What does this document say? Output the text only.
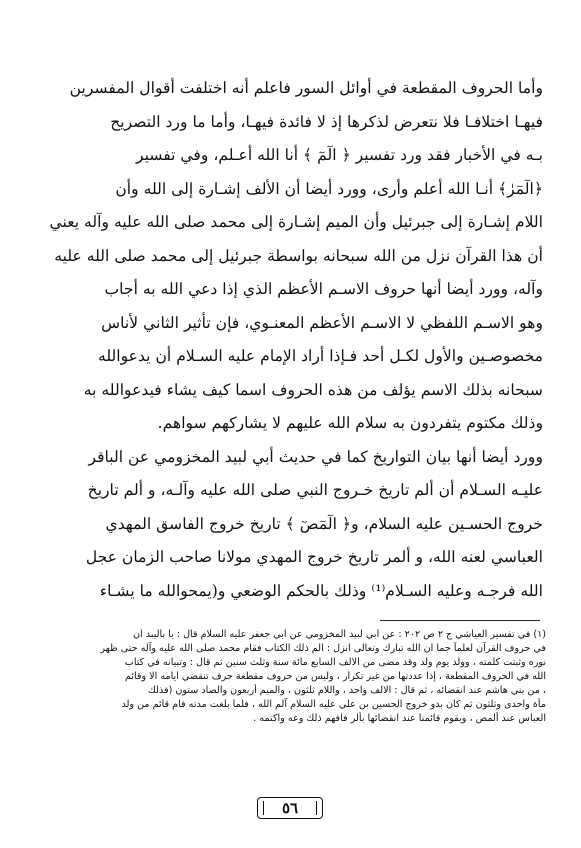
وأما الحروف المقطعة في أوائل السور فاعلم أنه اختلفت أقوال المفسرين
فيهـا اختلافـا فلا نتعرض لذكرها إذ لا فائدة فيهـا، وأما ما ورد التصريح
بـه في الأخبار فقد ورد تفسير ﴿ الٓمٓ ﴾ أنا الله أعـلم، وفي تفسير
﴿الٓمٓرٰ﴾ أنـا الله أعلم وأرى، وورد أيضا أن الألف إشـارة إلى الله وأن
اللام إشـارة إلى جبرئيل وأن الميم إشـارة إلى محمد صلى الله عليه وآله يعني
أن هذا القرآن نزل من الله سبحانه بواسطة جبرئيل إلى محمد صلى الله عليه
وآله، وورد أيضا أنها حروف الاسـم الأعظم الذي إذا دعي الله به أجاب
وهو الاسـم اللفظي لا الاسـم الأعظم المعنـوي، فإن تأثير الثاني لأناس
مخصوصـين والأول لكـل أحد فـإذا أراد الإمام عليه السـلام أن يدعوالله
سبحانه بذلك الاسم يؤلف من هذه الحروف اسما كيف يشاء فيدعوالله به
وذلك مكتوم يتفردون به سلام الله عليهم لا يشاركهم سواهم.
وورد أيضا أنها بيان التواريخ كما في حديث أبي لبيد المخزومي عن الباقر
عليـه السـلام أن ألم تاريخ خـروج النبي صلى الله عليه وآلـه، و ألم تاريخ
خروج الحسـين عليه السلام، و﴿ الٓمٓصٓ ﴾ تاريخ خروج الفاسق المهدي
العباسي لعنه الله، و ألمر تاريخ خروج المهدي مولانا صاحب الزمان عجل
الله فرجـه وعليه السـلام⁽¹⁾ وذلك بالحكم الوضعي و(يمحوالله ما يشـاء
(١) في تفسير العياشي ج ٢ ص ٢٠٢ : عن ابي لبيد المخزومي عن ابي جعفر عليه السلام قال : يا باليبد ان
في حروف القرآن لعلماً جما ان الله تبارك وتعالى انزل : الم ذلك الكتاب فقام محمد صلى الله عليه وآله حتى ظهر
نوره وثبتت كلمته ، وولد يوم ولد وقد مضى من الالف السابع مائة سنة وثلث سنين ثم قال : وتبيانه في كتاب
الله في الحروف المقطعة ، إذا عددتها من غير تكرار ، وليس من حروف مقطعة حرف تنقضي ايامه الا وقائم
، من بني هاشم عند انقضائه ، ثم قال : الالف واحد ، واللام ثلثون ، والميم أربعون والصاد ستون (فذلك
مأة واحدى وثلثون ثم كان بدو خروج الحسين بن علي عليه السلام آلم الله ، فلما بلغت مدته قام قائم من ولد
العباس عند ألمص ، ويقوم قائمنا عند انقضائها بألر فافهم ذلك وعه واكتمه .
٥٦
